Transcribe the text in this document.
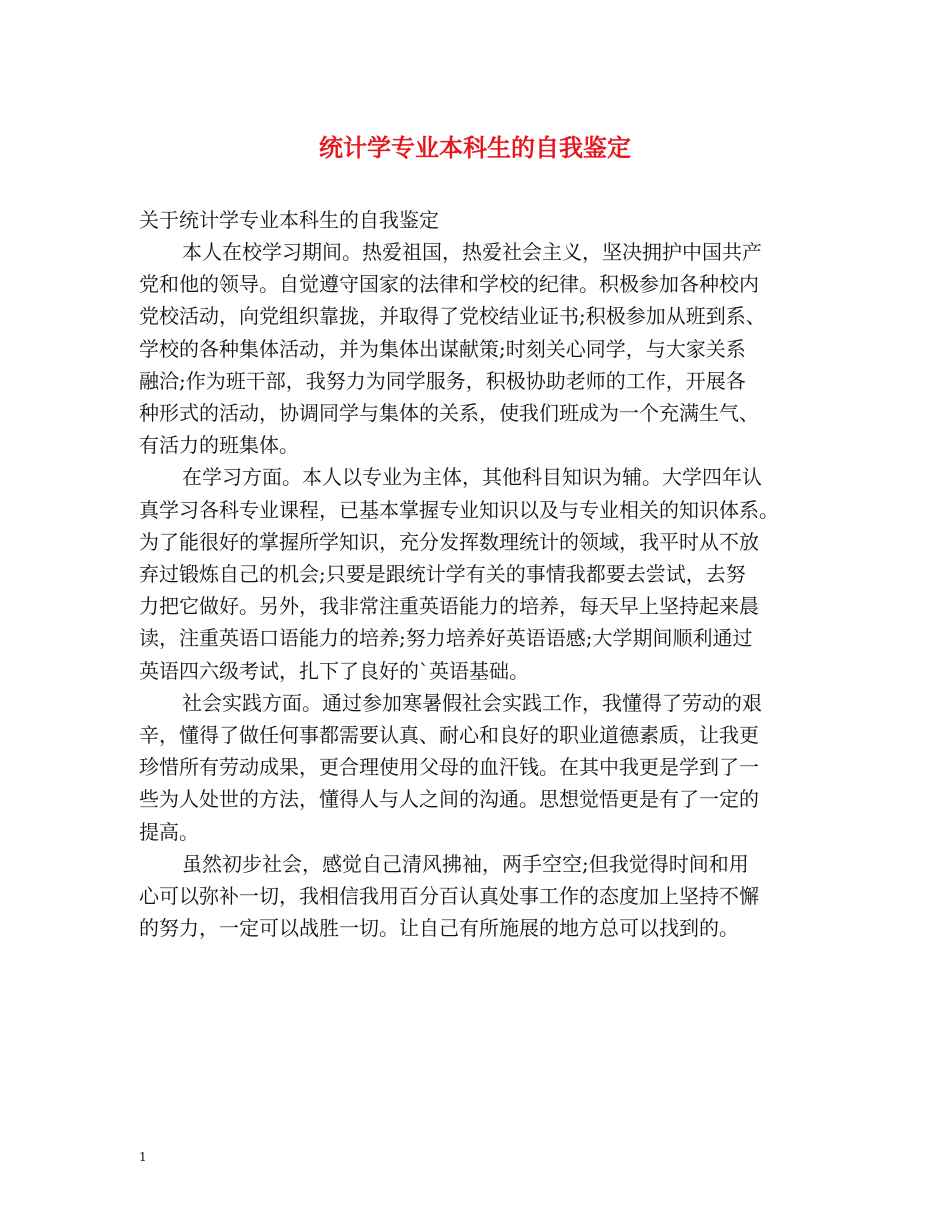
统计学专业本科生的自我鉴定

关于统计学专业本科生的自我鉴定

本人在校学习期间。热爱祖国，热爱社会主义，坚决拥护中国共产
党和他的领导。自觉遵守国家的法律和学校的纪律。积极参加各种校内
党校活动，向党组织靠拢，并取得了党校结业证书;积极参加从班到系、
学校的各种集体活动，并为集体出谋献策;时刻关心同学，与大家关系
融洽;作为班干部，我努力为同学服务，积极协助老师的工作，开展各
种形式的活动，协调同学与集体的关系，使我们班成为一个充满生气、
有活力的班集体。
在学习方面。本人以专业为主体，其他科目知识为辅。大学四年认
真学习各科专业课程，已基本掌握专业知识以及与专业相关的知识体系。
为了能很好的掌握所学知识，充分发挥数理统计的领域，我平时从不放
弃过锻炼自己的机会;只要是跟统计学有关的事情我都要去尝试，去努
力把它做好。另外，我非常注重英语能力的培养，每天早上坚持起来晨
读，注重英语口语能力的培养;努力培养好英语语感;大学期间顺利通过
英语四六级考试，扎下了良好的`英语基础。
社会实践方面。通过参加寒暑假社会实践工作，我懂得了劳动的艰
辛，懂得了做任何事都需要认真、耐心和良好的职业道德素质，让我更
珍惜所有劳动成果，更合理使用父母的血汗钱。在其中我更是学到了一
些为人处世的方法，懂得人与人之间的沟通。思想觉悟更是有了一定的
提高。
虽然初步社会，感觉自己清风拂袖，两手空空;但我觉得时间和用
心可以弥补一切，我相信我用百分百认真处事工作的态度加上坚持不懈
的努力，一定可以战胜一切。让自己有所施展的地方总可以找到的。
1
